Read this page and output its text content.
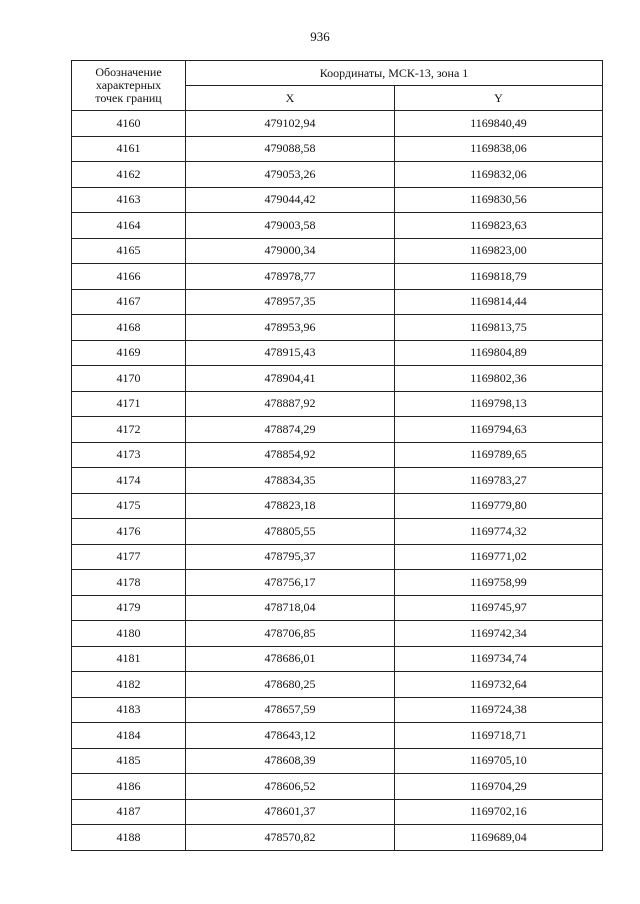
936
Обозначение
характерных
точек границ	Координаты, МСК-13, зона 1	
	X	Y
4160	479102,94	1169840,49
4161	479088,58	1169838,06
4162	479053,26	1169832,06
4163	479044,42	1169830,56
4164	479003,58	1169823,63
4165	479000,34	1169823,00
4166	478978,77	1169818,79
4167	478957,35	1169814,44
4168	478953,96	1169813,75
4169	478915,43	1169804,89
4170	478904,41	1169802,36
4171	478887,92	1169798,13
4172	478874,29	1169794,63
4173	478854,92	1169789,65
4174	478834,35	1169783,27
4175	478823,18	1169779,80
4176	478805,55	1169774,32
4177	478795,37	1169771,02
4178	478756,17	1169758,99
4179	478718,04	1169745,97
4180	478706,85	1169742,34
4181	478686,01	1169734,74
4182	478680,25	1169732,64
4183	478657,59	1169724,38
4184	478643,12	1169718,71
4185	478608,39	1169705,10
4186	478606,52	1169704,29
4187	478601,37	1169702,16
4188	478570,82	1169689,04
